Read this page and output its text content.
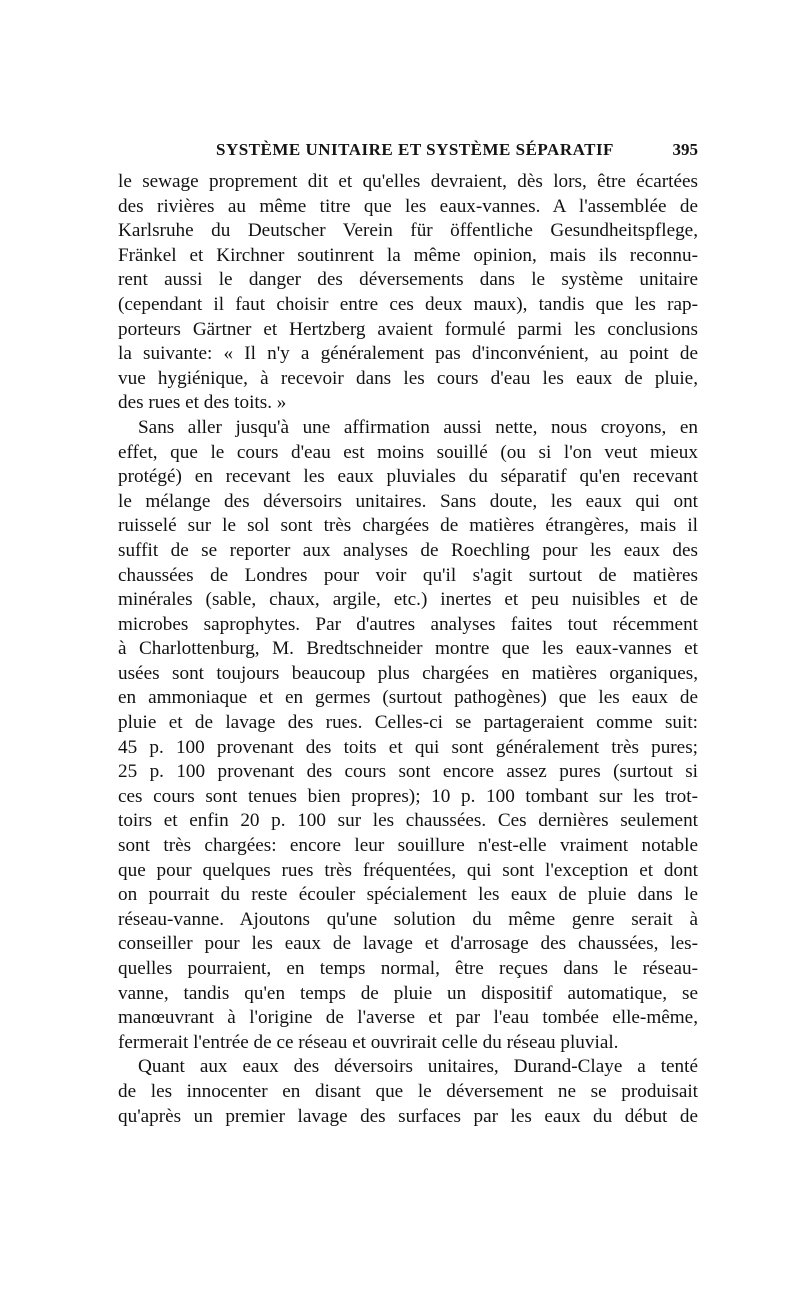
SYSTÈME UNITAIRE ET SYSTÈME SÉPARATIF	395
le sewage proprement dit et qu'elles devraient, dès lors, être écartées
des rivières au même titre que les eaux-vannes. A l'assemblée de
Karlsruhe du Deutscher Verein für öffentliche Gesundheitspflege,
Fränkel et Kirchner soutinrent la même opinion, mais ils reconnu-
rent aussi le danger des déversements dans le système unitaire
(cependant il faut choisir entre ces deux maux), tandis que les rap-
porteurs Gärtner et Hertzberg avaient formulé parmi les conclusions
la suivante: « Il n'y a généralement pas d'inconvénient, au point de
vue hygiénique, à recevoir dans les cours d'eau les eaux de pluie,
des rues et des toits. »
Sans aller jusqu'à une affirmation aussi nette, nous croyons, en
effet, que le cours d'eau est moins souillé (ou si l'on veut mieux
protégé) en recevant les eaux pluviales du séparatif qu'en recevant
le mélange des déversoirs unitaires. Sans doute, les eaux qui ont
ruisselé sur le sol sont très chargées de matières étrangères, mais il
suffit de se reporter aux analyses de Roechling pour les eaux des
chaussées de Londres pour voir qu'il s'agit surtout de matières
minérales (sable, chaux, argile, etc.) inertes et peu nuisibles et de
microbes saprophytes. Par d'autres analyses faites tout récemment
à Charlottenburg, M. Bredtschneider montre que les eaux-vannes et
usées sont toujours beaucoup plus chargées en matières organiques,
en ammoniaque et en germes (surtout pathogènes) que les eaux de
pluie et de lavage des rues. Celles-ci se partageraient comme suit:
45 p. 100 provenant des toits et qui sont généralement très pures;
25 p. 100 provenant des cours sont encore assez pures (surtout si
ces cours sont tenues bien propres); 10 p. 100 tombant sur les trot-
toirs et enfin 20 p. 100 sur les chaussées. Ces dernières seulement
sont très chargées: encore leur souillure n'est-elle vraiment notable
que pour quelques rues très fréquentées, qui sont l'exception et dont
on pourrait du reste écouler spécialement les eaux de pluie dans le
réseau-vanne. Ajoutons qu'une solution du même genre serait à
conseiller pour les eaux de lavage et d'arrosage des chaussées, les-
quelles pourraient, en temps normal, être reçues dans le réseau-
vanne, tandis qu'en temps de pluie un dispositif automatique, se
manœuvrant à l'origine de l'averse et par l'eau tombée elle-même,
fermerait l'entrée de ce réseau et ouvrirait celle du réseau pluvial.
Quant aux eaux des déversoirs unitaires, Durand-Claye a tenté
de les innocenter en disant que le déversement ne se produisait
qu'après un premier lavage des surfaces par les eaux du début de
